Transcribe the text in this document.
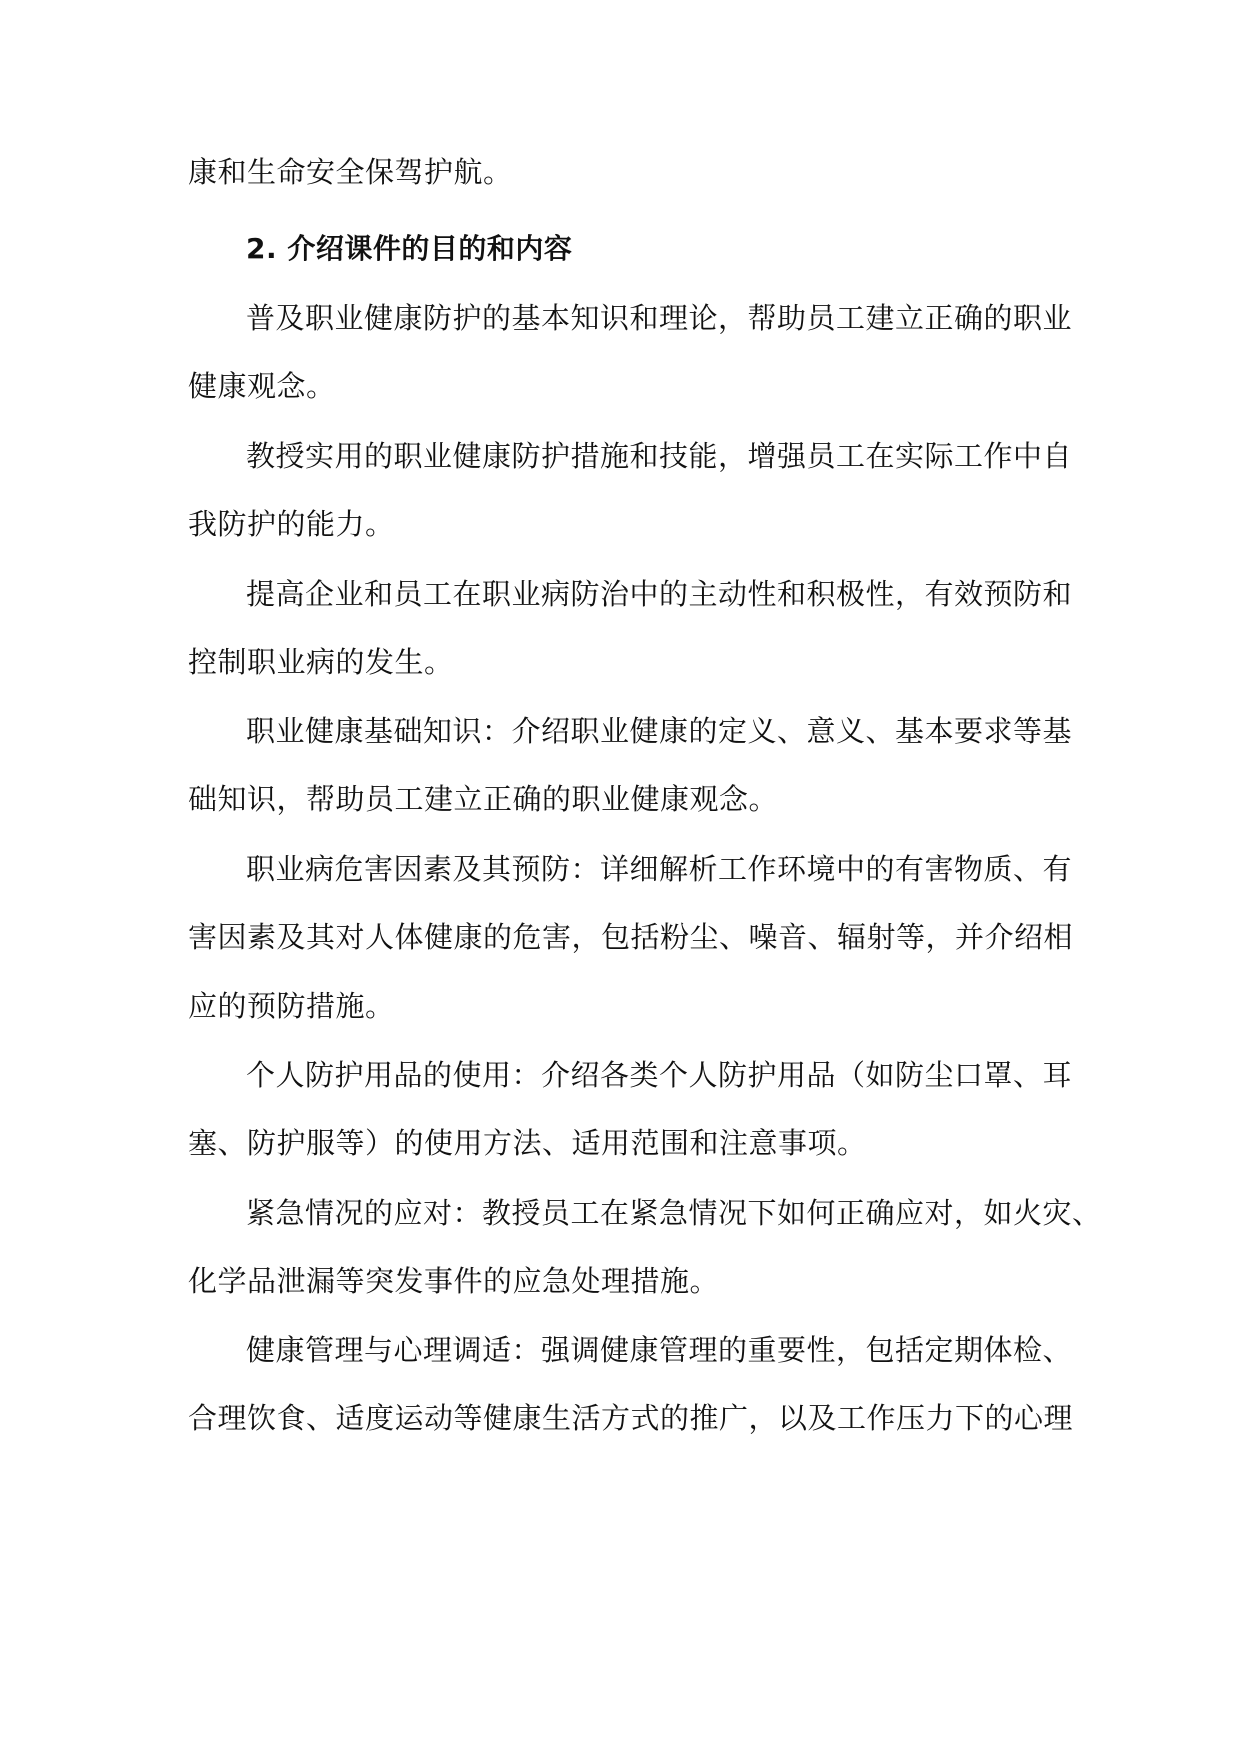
康和生命安全保驾护航。
2. 介绍课件的目的和内容
普及职业健康防护的基本知识和理论，帮助员工建立正确的职业
健康观念。
教授实用的职业健康防护措施和技能，增强员工在实际工作中自
我防护的能力。
提高企业和员工在职业病防治中的主动性和积极性，有效预防和
控制职业病的发生。
职业健康基础知识：介绍职业健康的定义、意义、基本要求等基
础知识，帮助员工建立正确的职业健康观念。
职业病危害因素及其预防：详细解析工作环境中的有害物质、有
害因素及其对人体健康的危害，包括粉尘、噪音、辐射等，并介绍相
应的预防措施。
个人防护用品的使用：介绍各类个人防护用品（如防尘口罩、耳
塞、防护服等）的使用方法、适用范围和注意事项。
紧急情况的应对：教授员工在紧急情况下如何正确应对，如火灾、
化学品泄漏等突发事件的应急处理措施。
健康管理与心理调适：强调健康管理的重要性，包括定期体检、
合理饮食、适度运动等健康生活方式的推广，以及工作压力下的心理
